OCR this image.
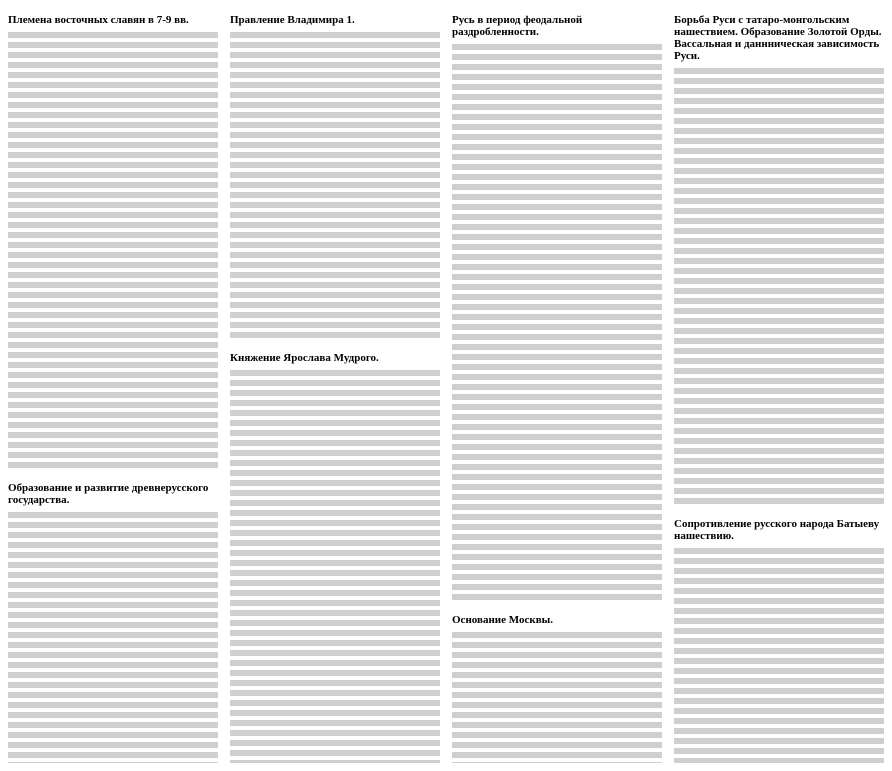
Племена восточных славян в 7-9 вв.
Образование и развитие древнерусского государства.
Правление Владимира 1.
Княжение Ярослава Мудрого.
Русь в период феодальной раздробленности.
Основание Москвы.
Борьба Руси с татаро-монгольским нашествием. Образование Золотой Орды. Вассальная и даннническая зависимость Руси.
Сопротивление русского народа Батыеву нашествию.
